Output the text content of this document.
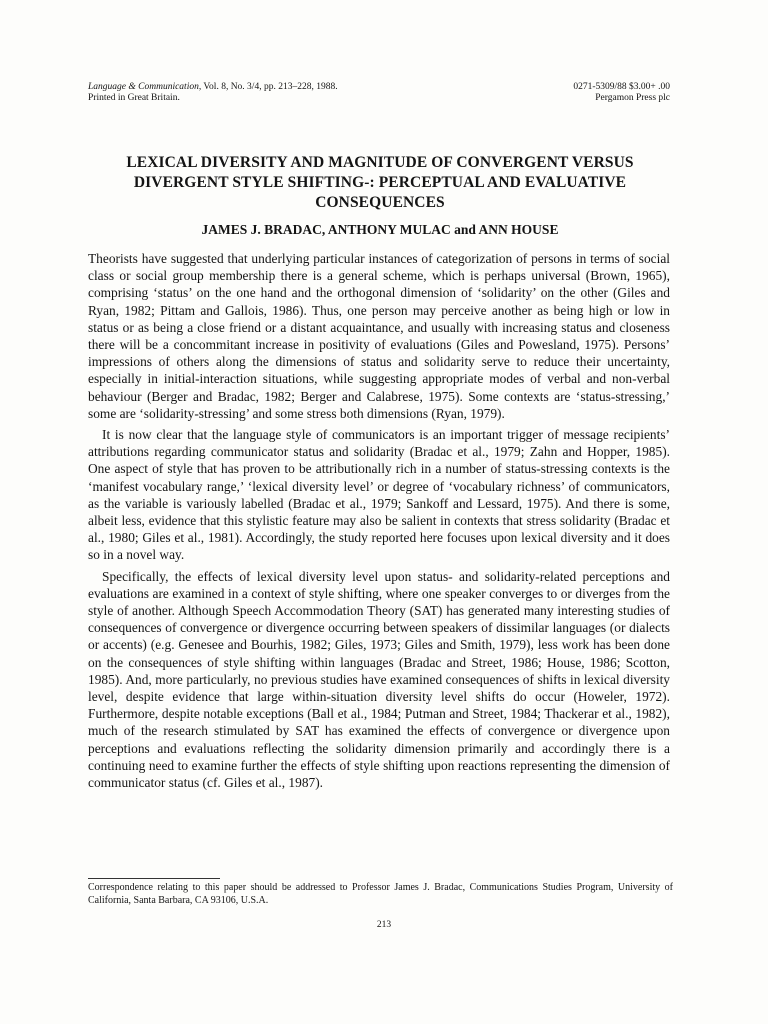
Language & Communication, Vol. 8, No. 3/4, pp. 213–228, 1988.
Printed in Great Britain.
0271-5309/88 $3.00+ .00
Pergamon Press plc
LEXICAL DIVERSITY AND MAGNITUDE OF CONVERGENT VERSUS
DIVERGENT STYLE SHIFTING-: PERCEPTUAL AND EVALUATIVE
CONSEQUENCES
JAMES J. BRADAC, ANTHONY MULAC and ANN HOUSE

Theorists have suggested that underlying particular instances of categorization of persons in terms of social class or social group membership there is a general scheme, which is perhaps universal (Brown, 1965), comprising ‘status’ on the one hand and the orthogonal dimension of ‘solidarity’ on the other (Giles and Ryan, 1982; Pittam and Gallois, 1986). Thus, one person may perceive another as being high or low in status or as being a close friend or a distant acquaintance, and usually with increasing status and closeness there will be a concommitant increase in positivity of evaluations (Giles and Powesland, 1975). Persons’ impressions of others along the dimensions of status and solidarity serve to reduce their uncertainty, especially in initial-interaction situations, while suggesting appropriate modes of verbal and non-verbal behaviour (Berger and Bradac, 1982; Berger and Calabrese, 1975). Some contexts are ‘status-stressing,’ some are ‘solidarity-stressing’ and some stress both dimensions (Ryan, 1979).

It is now clear that the language style of communicators is an important trigger of message recipients’ attributions regarding communicator status and solidarity (Bradac et al., 1979; Zahn and Hopper, 1985). One aspect of style that has proven to be attributionally rich in a number of status-stressing contexts is the ‘manifest vocabulary range,’ ‘lexical diversity level’ or degree of ‘vocabulary richness’ of communicators, as the variable is variously labelled (Bradac et al., 1979; Sankoff and Lessard, 1975). And there is some, albeit less, evidence that this stylistic feature may also be salient in contexts that stress solidarity (Bradac et al., 1980; Giles et al., 1981). Accordingly, the study reported here focuses upon lexical diversity and it does so in a novel way.

Specifically, the effects of lexical diversity level upon status- and solidarity-related perceptions and evaluations are examined in a context of style shifting, where one speaker converges to or diverges from the style of another. Although Speech Accommodation Theory (SAT) has generated many interesting studies of consequences of convergence or divergence occurring between speakers of dissimilar languages (or dialects or accents) (e.g. Genesee and Bourhis, 1982; Giles, 1973; Giles and Smith, 1979), less work has been done on the consequences of style shifting within languages (Bradac and Street, 1986; House, 1986; Scotton, 1985). And, more particularly, no previous studies have examined consequences of shifts in lexical diversity level, despite evidence that large within-situation diversity level shifts do occur (Howeler, 1972). Furthermore, despite notable exceptions (Ball et al., 1984; Putman and Street, 1984; Thackerar et al., 1982), much of the research stimulated by SAT has examined the effects of convergence or divergence upon perceptions and evaluations reflecting the solidarity dimension primarily and accordingly there is a continuing need to examine further the effects of style shifting upon reactions representing the dimension of communicator status (cf. Giles et al., 1987).

Correspondence relating to this paper should be addressed to Professor James J. Bradac, Communications Studies Program, University of California, Santa Barbara, CA 93106, U.S.A.
213
